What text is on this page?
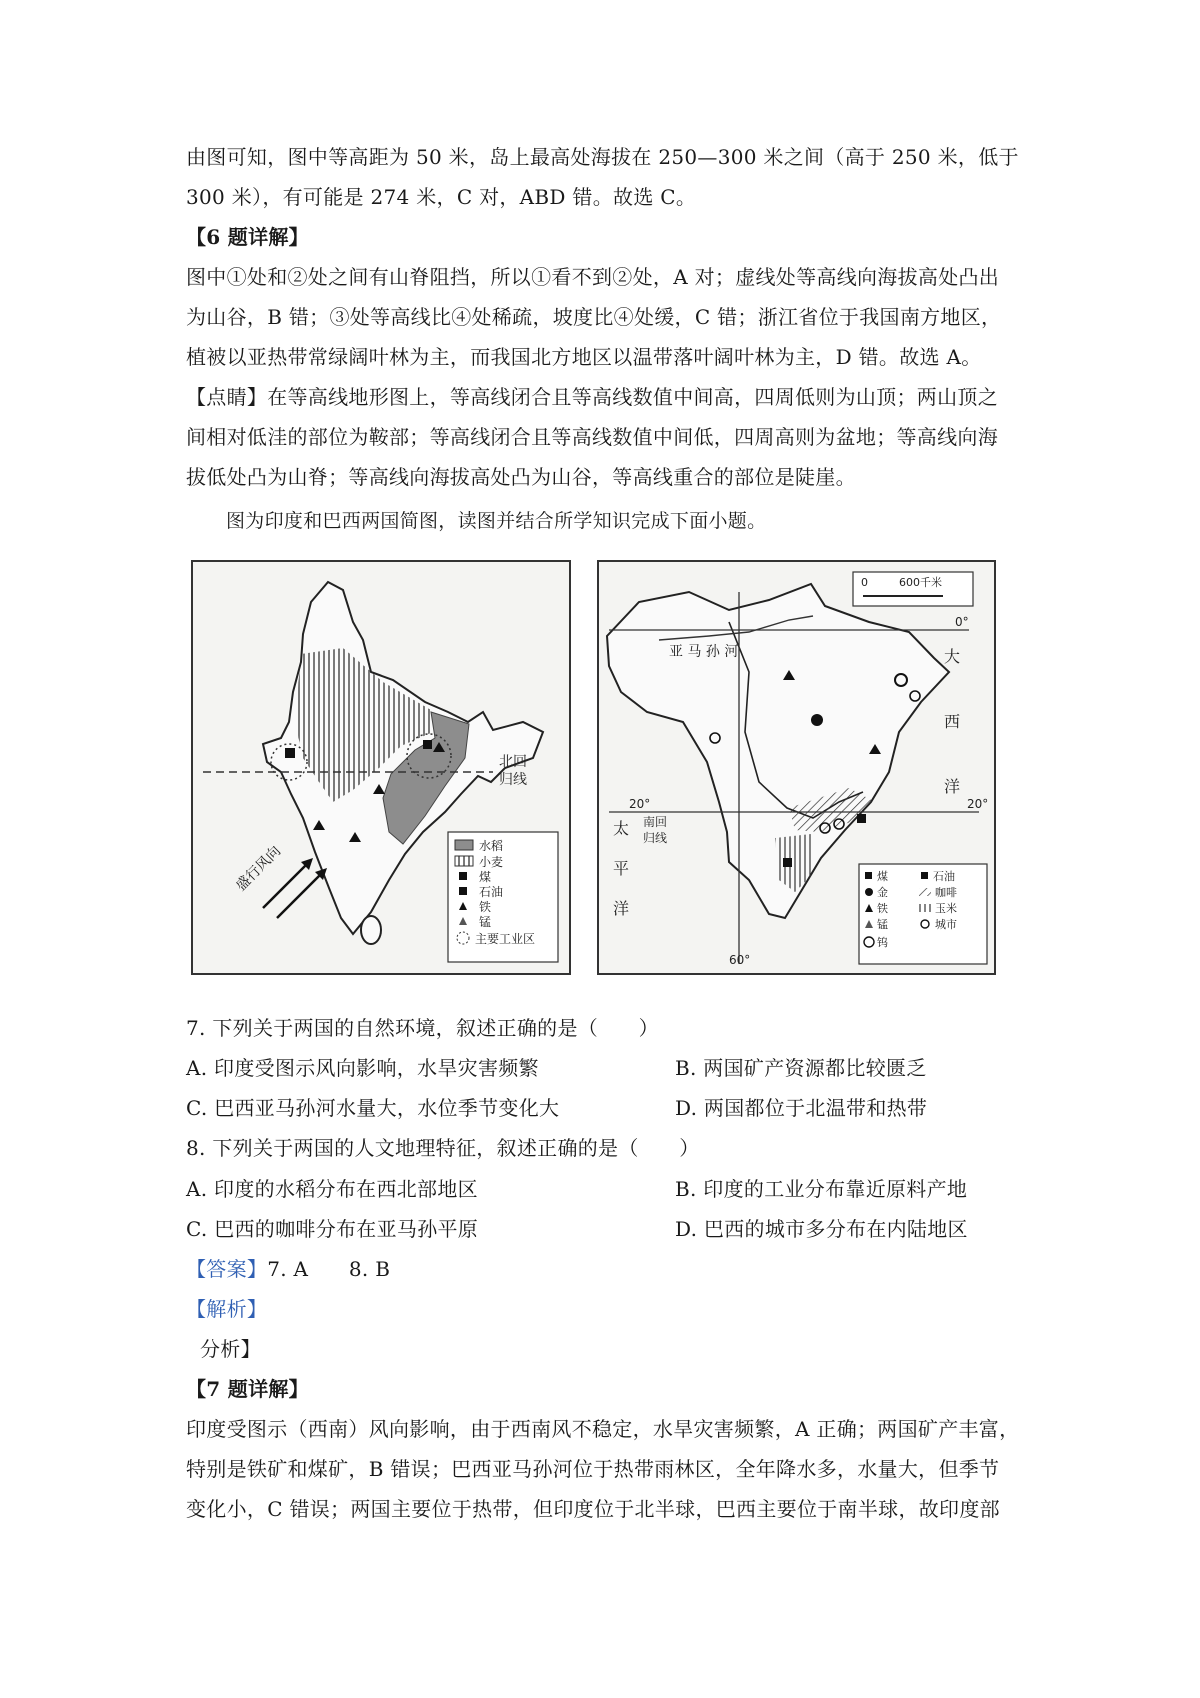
由图可知，图中等高距为 50 米，岛上最高处海拔在 250—300 米之间（高于 250 米，低于
300 米），有可能是 274 米，C 对，ABD 错。故选 C。
【6 题详解】
图中①处和②处之间有山脊阻挡，所以①看不到②处，A 对；虚线处等高线向海拔高处凸出
为山谷，B 错；③处等高线比④处稀疏，坡度比④处缓，C 错；浙江省位于我国南方地区，
植被以亚热带常绿阔叶林为主，而我国北方地区以温带落叶阔叶林为主，D 错。故选 A。
【点睛】在等高线地形图上，等高线闭合且等高线数值中间高，四周低则为山顶；两山顶之
间相对低洼的部位为鞍部；等高线闭合且等高线数值中间低，四周高则为盆地；等高线向海
拔低处凸为山脊；等高线向海拔高处凸为山谷，等高线重合的部位是陡崖。
图为印度和巴西两国简图，读图并结合所学知识完成下面小题。
北回 归线
盛行风向	水稻
小麦
煤
石油
铁
锰
主要工业区
0°
20°	20°
60°
亚 马 孙 河
0	600千米
大
西
洋
太
平
洋
南回 归线
煤	石油
金	咖啡
铁	玉米
锰	城市
钨
7. 下列关于两国的自然环境，叙述正确的是（　　）
A. 印度受图示风向影响，水旱灾害频繁	B. 两国矿产资源都比较匮乏
C. 巴西亚马孙河水量大，水位季节变化大	D. 两国都位于北温带和热带
8. 下列关于两国的人文地理特征，叙述正确的是（　　）
A. 印度的水稻分布在西北部地区	B. 印度的工业分布靠近原料产地
C. 巴西的咖啡分布在亚马孙平原	D. 巴西的城市多分布在内陆地区
【答案】7. A　　8. B
【解析】
分析】
【7 题详解】
印度受图示（西南）风向影响，由于西南风不稳定，水旱灾害频繁，A 正确；两国矿产丰富，
特别是铁矿和煤矿，B 错误；巴西亚马孙河位于热带雨林区，全年降水多，水量大，但季节
变化小，C 错误；两国主要位于热带，但印度位于北半球，巴西主要位于南半球，故印度部
